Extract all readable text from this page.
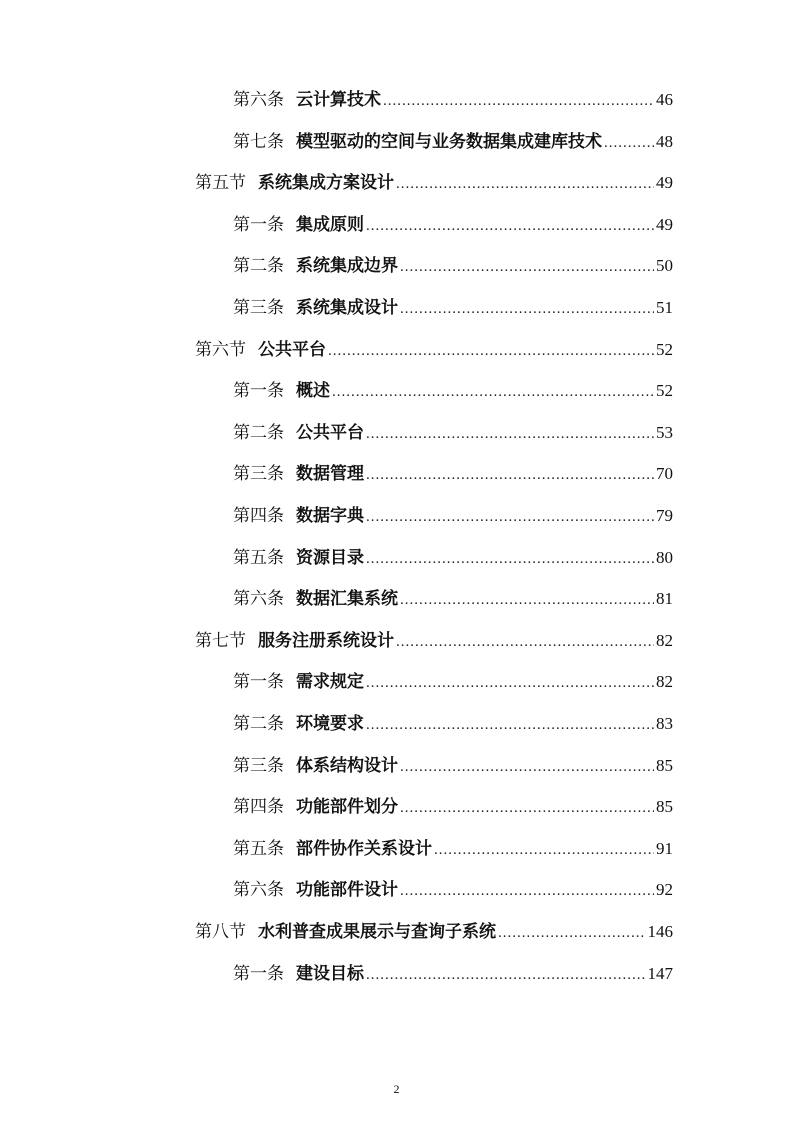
第六条 云计算技术 .....	46
第七条 模型驱动的空间与业务数据集成建库技术 .....	48
第五节 系统集成方案设计 .....	49
第一条 集成原则 .....	49
第二条 系统集成边界 .....	50
第三条 系统集成设计 .....	51
第六节 公共平台 .....	52
第一条 概述 .....	52
第二条 公共平台 .....	53
第三条 数据管理 .....	70
第四条 数据字典 .....	79
第五条 资源目录 .....	80
第六条 数据汇集系统 .....	81
第七节 服务注册系统设计 .....	82
第一条 需求规定 .....	82
第二条 环境要求 .....	83
第三条 体系结构设计 .....	85
第四条 功能部件划分 .....	85
第五条 部件协作关系设计 .....	91
第六条 功能部件设计 .....	92
第八节 水利普查成果展示与查询子系统 .....	146
第一条 建设目标 .....	147
2
